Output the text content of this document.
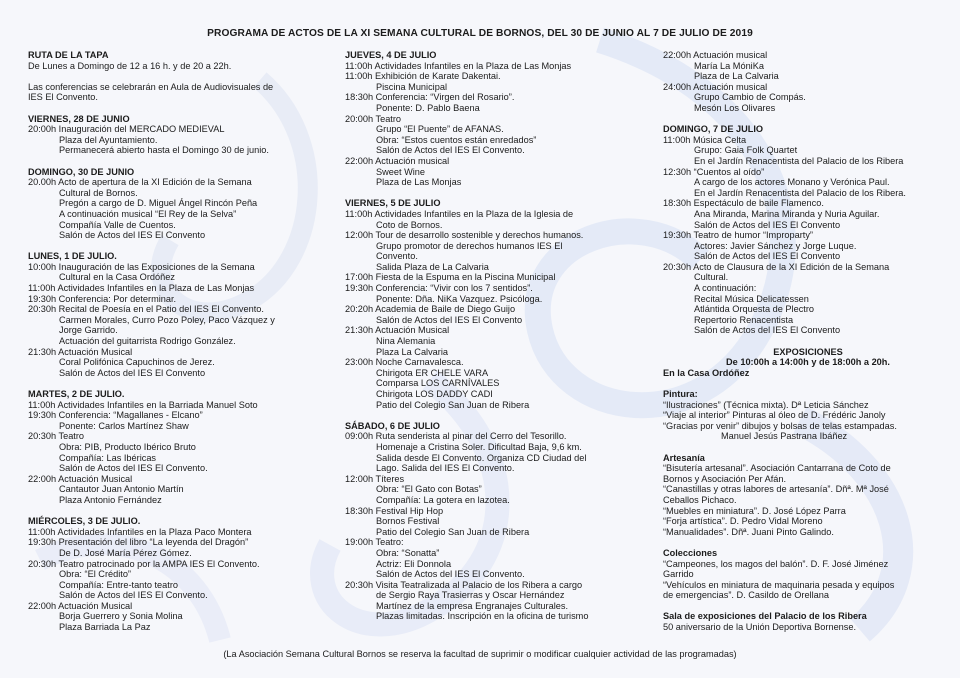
PROGRAMA DE ACTOS DE LA XI SEMANA CULTURAL DE BORNOS, DEL 30 DE JUNIO AL 7 DE JULIO DE 2019
RUTA DE LA TAPA
De Lunes a Domingo de 12 a 16 h. y de 20 a 22h.
Las conferencias se celebrarán en Aula de Audiovisuales de
IES El Convento.
VIERNES, 28 DE JUNIO
20:00h Inauguración del MERCADO MEDIEVAL
Plaza del Ayuntamiento.
Permanecerá abierto hasta el Domingo 30 de junio.
DOMINGO, 30 DE JUNIO
20.00h Acto de apertura de la XI Edición de la Semana
Cultural de Bornos.
Pregón a cargo de D. Miguel Ángel Rincón Peña
A continuación musical “El Rey de la Selva”
Compañía Valle de Cuentos.
Salón de Actos del IES El Convento
LUNES, 1 DE JULIO.
10:00h Inauguración de las Exposiciones de la Semana
Cultural en la Casa Ordóñez
11:00h Actividades Infantiles en la Plaza de Las Monjas
19:30h Conferencia: Por determinar.
20:30h Recital de Poesía en el Patio del IES El Convento.
Carmen Morales, Curro Pozo Poley, Paco Vázquez y
Jorge Garrido.
Actuación del guitarrista Rodrigo González.
21:30h Actuación Musical
Coral Polifónica Capuchinos de Jerez.
Salón de Actos del IES El Convento
MARTES, 2 DE JULIO.
11:00h Actividades Infantiles en la Barriada Manuel Soto
19:30h Conferencia: “Magallanes - Elcano”
Ponente: Carlos Martínez Shaw
20:30h Teatro
Obra: PIB, Producto Ibérico Bruto
Compañía: Las Ibéricas
Salón de Actos del IES El Convento.
22:00h Actuación Musical
Cantautor Juan Antonio Martín
Plaza Antonio Fernández
MIÉRCOLES, 3 DE JULIO.
11:00h Actividades Infantiles en la Plaza Paco Montera
19:30h Presentación del libro “La leyenda del Dragón”
De D. José María Pérez Gómez.
20:30h Teatro patrocinado por la AMPA IES El Convento.
Obra: “El Crédito”
Compañía: Entre-tanto teatro
Salón de Actos del IES El Convento.
22:00h Actuación Musical
Borja Guerrero y Sonia Molina
Plaza Barriada La Paz
JUEVES, 4 DE JULIO
11:00h Actividades Infantiles en la Plaza de Las Monjas
11:00h Exhibición de Karate Dakentai.
Piscina Municipal
18:30h Conferencia: “Virgen del Rosario”.
Ponente: D. Pablo Baena
20:00h Teatro
Grupo “El Puente” de AFANAS.
Obra: “Estos cuentos están enredados”
Salón de Actos del IES El Convento.
22:00h Actuación musical
Sweet Wine
Plaza de Las Monjas
VIERNES, 5 DE JULIO
11:00h Actividades Infantiles en la Plaza de la Iglesia de
Coto de Bornos.
12:00h Tour de desarrollo sostenible y derechos humanos.
Grupo promotor de derechos humanos IES El
Convento.
Salida Plaza de La Calvaria
17:00h Fiesta de la Espuma en la Piscina Municipal
19:30h Conferencia: “Vivir con los 7 sentidos”.
Ponente: Dña. NiKa Vazquez. Psicóloga.
20:20h Academia de Baile de Diego Guijo
Salón de Actos del IES El Convento
21:30h Actuación Musical
Nina Alemania
Plaza La Calvaria
23:00h Noche Carnavalesca.
Chirigota ER CHELE VARA
Comparsa LOS CARNÍVALES
Chirigota LOS DADDY CADI
Patio del Colegio San Juan de Ribera
SÁBADO, 6 DE JULIO
09:00h Ruta senderista al pinar del Cerro del Tesorillo.
Homenaje a Cristina Soler. Dificultad Baja, 9,6 km.
Salida desde El Convento. Organiza CD Ciudad del
Lago. Salida del IES El Convento.
12:00h Títeres
Obra: “El Gato con Botas”
Compañía: La gotera en lazotea.
18:30h Festival Hip Hop
Bornos Festival
Patio del Colegio San Juan de Ribera
19:00h Teatro:
Obra: “Sonatta”
Actriz: Eli Donnola
Salón de Actos del IES El Convento.
20:30h Visita Teatralizada al Palacio de los Ribera a cargo
de Sergio Raya Trasierras y Oscar Hernández
Martínez de la empresa Engranajes Culturales.
Plazas limitadas. Inscripción en la oficina de turismo
22:00h Actuación musical
María La MóniKa
Plaza de La Calvaria
24:00h Actuación musical
Grupo Cambio de Compás.
Mesón Los Olivares
DOMINGO, 7 DE JULIO
11:00h Música Celta
Grupo: Gaia Folk Quartet
En el Jardín Renacentista del Palacio de los Ribera
12:30h “Cuentos al oído”
A cargo de los actores Monano y Verónica Paul.
En el Jardín Renacentista del Palacio de los Ribera.
18:30h Espectáculo de baile Flamenco.
Ana Miranda, Marina Miranda y Nuria Aguilar.
Salón de Actos del IES El Convento
19:30h Teatro de humor “Improparty”
Actores: Javier Sánchez y Jorge Luque.
Salón de Actos del IES El Convento
20:30h Acto de Clausura de la XI Edición de la Semana
Cultural.
A continuación:
Recital Música Delicatessen
Atlántida Orquesta de Plectro
Repertorio Renacentista
Salón de Actos del IES El Convento
EXPOSICIONES
De 10:00h a 14:00h y de 18:00h a 20h.
En la Casa Ordóñez
Pintura:
“Ilustraciones” (Técnica mixta). Dª Leticia Sánchez
“Viaje al interior” Pinturas al óleo de D. Frédéric Janoly
“Gracias por venir” dibujos y bolsas de telas estampadas.
Manuel Jesús Pastrana Ibáñez
Artesanía
“Bisutería artesanal”. Asociación Cantarrana de Coto de
Bornos y Asociación Per Afán.
“Canastillas y otras labores de artesanía”. Dñª. Mª José
Ceballos Pichaco.
“Muebles en miniatura”. D. José López Parra
“Forja artística”. D. Pedro Vidal Moreno
“Manualidades”. Dñª. Juani Pinto Galindo.
Colecciones
“Campeones, los magos del balón”. D. F. José Jiménez
Garrido
“Vehículos en miniatura de maquinaria pesada y equipos
de emergencias”. D. Casildo de Orellana
Sala de exposiciones del Palacio de los Ribera
50 aniversario de la Unión Deportiva Bornense.
(La Asociación Semana Cultural Bornos se reserva la facultad de suprimir o modificar cualquier actividad de las programadas)
